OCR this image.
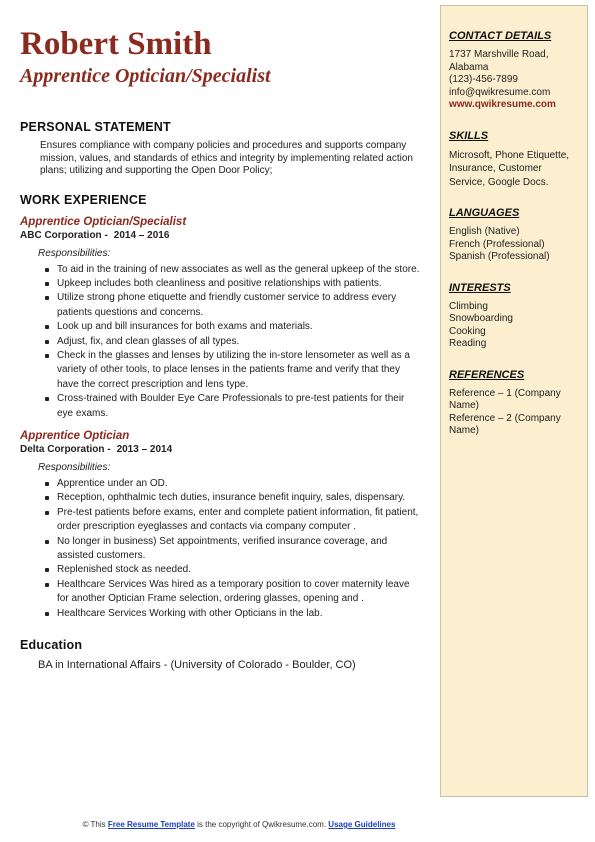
Robert Smith
Apprentice Optician/Specialist
PERSONAL STATEMENT
Ensures compliance with company policies and procedures and supports company mission, values, and standards of ethics and integrity by implementing related action plans; utilizing and supporting the Open Door Policy;
WORK EXPERIENCE
Apprentice Optician/Specialist
ABC Corporation - 2014 – 2016
Responsibilities:
To aid in the training of new associates as well as the general upkeep of the store.
Upkeep includes both cleanliness and positive relationships with patients.
Utilize strong phone etiquette and friendly customer service to address every patients questions and concerns.
Look up and bill insurances for both exams and materials.
Adjust, fix, and clean glasses of all types.
Check in the glasses and lenses by utilizing the in-store lensometer as well as a variety of other tools, to place lenses in the patients frame and verify that they have the correct prescription and lens type.
Cross-trained with Boulder Eye Care Professionals to pre-test patients for their eye exams.
Apprentice Optician
Delta Corporation - 2013 – 2014
Responsibilities:
Apprentice under an OD.
Reception, ophthalmic tech duties, insurance benefit inquiry, sales, dispensary.
Pre-test patients before exams, enter and complete patient information, fit patient, order prescription eyeglasses and contacts via company computer .
No longer in business) Set appointments, verified insurance coverage, and assisted customers.
Replenished stock as needed.
Healthcare Services Was hired as a temporary position to cover maternity leave for another Optician Frame selection, ordering glasses, opening and .
Healthcare Services Working with other Opticians in the lab.
Education
BA in International Affairs - (University of Colorado - Boulder, CO)
CONTACT DETAILS
1737 Marshville Road, Alabama
(123)-456-7899
info@qwikresume.com
www.qwikresume.com
SKILLS
Microsoft, Phone Etiquette, Insurance, Customer Service, Google Docs.
LANGUAGES
English (Native)
French (Professional)
Spanish (Professional)
INTERESTS
Climbing
Snowboarding
Cooking
Reading
REFERENCES
Reference – 1 (Company Name)
Reference – 2 (Company Name)
© This Free Resume Template is the copyright of Qwikresume.com. Usage Guidelines
